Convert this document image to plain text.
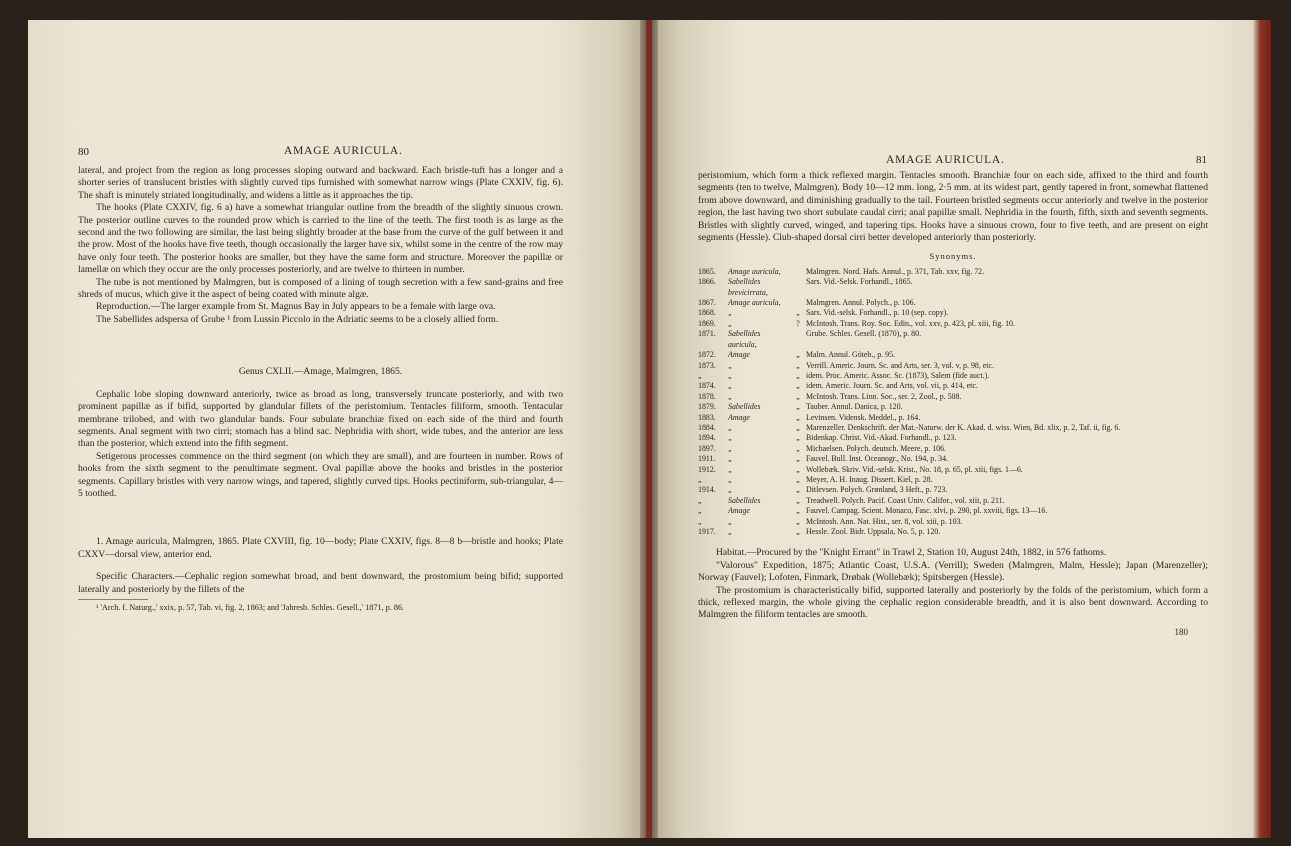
80	AMAGE AURICULA.

lateral, and project from the region as long processes sloping outward and backward. Each bristle-tuft has a longer and a shorter series of translucent bristles with slightly curved tips furnished with somewhat narrow wings (Plate CXXIV, fig. 6). The shaft is minutely striated longitudinally, and widens a little as it approaches the tip.

The hooks (Plate CXXIV, fig. 6 a) have a somewhat triangular outline from the breadth of the slightly sinuous crown. The posterior outline curves to the rounded prow which is carried to the line of the teeth. The first tooth is as large as the second and the two following are similar, the last being slightly broader at the base from the curve of the gulf between it and the prow. Most of the hooks have five teeth, though occasionally the larger have six, whilst some in the centre of the row may have only four teeth. The posterior hooks are smaller, but they have the same form and structure. Moreover the papillæ or lamellæ on which they occur are the only processes posteriorly, and are twelve to thirteen in number.

The tube is not mentioned by Malmgren, but is composed of a lining of tough secretion with a few sand-grains and free shreds of mucus, which give it the aspect of being coated with minute algæ.

Reproduction.—The larger example from St. Magnus Bay in July appears to be a female with large ova.

The Sabellides adspersa of Grube ¹ from Lussin Piccolo in the Adriatic seems to be a closely allied form.

Genus CXLII.—Amage, Malmgren, 1865.

Cephalic lobe sloping downward anteriorly, twice as broad as long, transversely truncate posteriorly, and with two prominent papillæ as if bifid, supported by glandular fillets of the peristomium. Tentacles filiform, smooth. Tentacular membrane trilobed, and with two glandular bands. Four subulate branchiæ fixed on each side of the third and fourth segments. Anal segment with two cirri; stomach has a blind sac. Nephridia with short, wide tubes, and the anterior are less than the posterior, which extend into the fifth segment.

Setigerous processes commence on the third segment (on which they are small), and are fourteen in number. Rows of hooks from the sixth segment to the penultimate segment. Oval papillæ above the hooks and bristles in the posterior segments. Capillary bristles with very narrow wings, and tapered, slightly curved tips. Hooks pectiniform, sub-triangular, 4—5 toothed.

1. Amage auricula, Malmgren, 1865. Plate CXVIII, fig. 10—body; Plate CXXIV, figs. 8—8 b—bristle and hooks; Plate CXXV—dorsal view, anterior end.

Specific Characters.—Cephalic region somewhat broad, and bent downward, the prostomium being bifid; supported laterally and posteriorly by the fillets of the

¹ 'Arch. f. Naturg.,' xxix, p. 57, Tab. vi, fig. 2, 1863; and 'Jahresb. Schles. Gesell.,' 1871, p. 86.

AMAGE AURICULA.	81

peristomium, which form a thick reflexed margin. Tentacles smooth. Branchiæ four on each side, affixed to the third and fourth segments (ten to twelve, Malmgren). Body 10—12 mm. long, 2·5 mm. at its widest part, gently tapered in front, somewhat flattened from above downward, and diminishing gradually to the tail. Fourteen bristled segments occur anteriorly and twelve in the posterior region, the last having two short subulate caudal cirri; anal papillæ small. Nephridia in the fourth, fifth, sixth and seventh segments. Bristles with slightly curved, winged, and tapering tips. Hooks have a sinuous crown, four to five teeth, and are present on eight segments (Hessle). Club-shaped dorsal cirri better developed anteriorly than posteriorly.

Synonyms.
1865.	Amage auricula,	Malmgren. Nord. Hafs. Annul., p. 371, Tab. xxv, fig. 72.
1866.	Sabellides brevicirrata,
Sars. Vid.-Selsk. Forhandl., 1865.
1867.	Amage auricula,	Malmgren. Annul. Polych., p. 106.
1868.	„	„ Sars. Vid.-selsk. Forhandl., p. 10 (sep. copy).
1869.	„	? McIntosh. Trans. Roy. Soc. Edin., vol. xxv, p. 423, pl. xiii, fig. 10.
1871.	Sabellides auricula,
Grube. Schles. Gesell. (1870), p. 80.
1872.	Amage	„ Malm. Annul. Göteb., p. 95.
1873.	„	„ Verrill. Americ. Journ. Sc. and Arts, ser. 3, vol. v, p. 98, etc.
„	„	„ idem. Proc. Americ. Assoc. Sc. (1873), Salem (fide auct.).
1874.	„	„ idem. Americ. Journ. Sc. and Arts, vol. vii, p. 414, etc.
1878.	„	„ McIntosh. Trans. Linn. Soc., ser. 2, Zool., p. 508.
1879.	Sabellides	„ Tauber. Annul. Danica, p. 120.
1883.	Amage	„ Levinsen. Vidensk. Meddel., p. 164.
1884.	„	„ Marenzeller. Denkschrift. der Mat.-Naturw. der K. Akad. d. wiss. Wien, Bd. xlix, p. 2, Taf. ii, fig. 6.
1894.	„	„ Bidenkap. Christ. Vid.-Akad. Forhandl., p. 123.
1897.	„	„ Michaelsen. Polych. deutsch. Meere, p. 106.
1911.	„	„ Fauvel. Bull. Inst. Oceanogr., No. 194, p. 34.
1912.	„	„ Wollebæk. Skriv. Vid.-selsk. Krist., No. 18, p. 65, pl. xiii, figs. 1—6.
„	„	„ Meyer, A. H. Inaug. Dissert. Kiel, p. 28.
1914.	„	„ Ditlevsen. Polych. Grønland, 3 Heft., p. 723.
„	Sabellides	„ Treadwell. Polych. Pacif. Coast Univ. Califor., vol. xiii, p. 211.
„	Amage	„ Fauvel. Campag. Scient. Monaco, Fasc. xlvi, p. 290, pl. xxviii, figs. 13—16.
„	„	„ McIntosh. Ann. Nat. Hist., ser. 8, vol. xiii, p. 103.
1917.	„	„ Hessle. Zool. Bidr. Uppsala, No. 5, p. 120.

Habitat.—Procured by the "Knight Errant" in Trawl 2, Station 10, August 24th, 1882, in 576 fathoms.

"Valorous" Expedition, 1875; Atlantic Coast, U.S.A. (Verrill); Sweden (Malmgren, Malm, Hessle); Japan (Marenzeller); Norway (Fauvel); Lofoten, Finmark, Drøbak (Wollebæk); Spitsbergen (Hessle).

The prostomium is characteristically bifid, supported laterally and posteriorly by the folds of the peristomium, which form a thick, reflexed margin, the whole giving the cephalic region considerable breadth, and it is also bent downward. According to Malmgren the filiform tentacles are smooth.

180
